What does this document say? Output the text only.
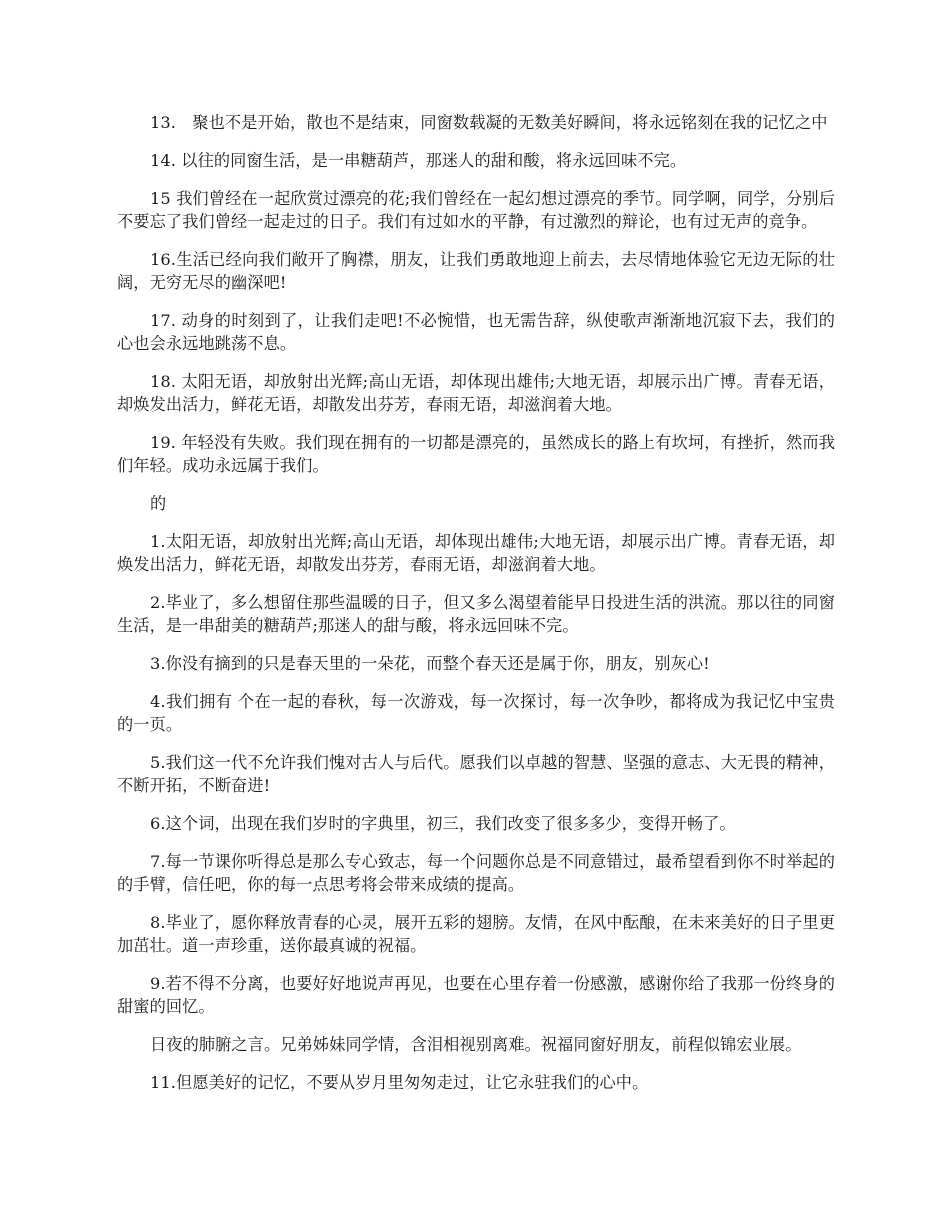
13.　聚也不是开始，散也不是结束，同窗数载凝的无数美好瞬间，将永远铭刻在我的记忆之中

14. 以往的同窗生活，是一串糖葫芦，那迷人的甜和酸，将永远回味不完。

15 我们曾经在一起欣赏过漂亮的花;我们曾经在一起幻想过漂亮的季节。同学啊，同学，分别后不要忘了我们曾经一起走过的日子。我们有过如水的平静，有过激烈的辩论，也有过无声的竞争。

16.生活已经向我们敞开了胸襟，朋友，让我们勇敢地迎上前去，去尽情地体验它无边无际的壮阔，无穷无尽的幽深吧!

17. 动身的时刻到了，让我们走吧!不必惋惜，也无需告辞，纵使歌声渐渐地沉寂下去，我们的心也会永远地跳荡不息。

18. 太阳无语，却放射出光辉;高山无语，却体现出雄伟;大地无语，却展示出广博。青春无语，却焕发出活力，鲜花无语，却散发出芬芳，春雨无语，却滋润着大地。

19. 年轻没有失败。我们现在拥有的一切都是漂亮的，虽然成长的路上有坎坷，有挫折，然而我们年轻。成功永远属于我们。

的

1.太阳无语，却放射出光辉;高山无语，却体现出雄伟;大地无语，却展示出广博。青春无语，却焕发出活力，鲜花无语，却散发出芬芳，春雨无语，却滋润着大地。

2.毕业了，多么想留住那些温暖的日子，但又多么渴望着能早日投进生活的洪流。那以往的同窗生活，是一串甜美的糖葫芦;那迷人的甜与酸，将永远回味不完。

3.你没有摘到的只是春天里的一朵花，而整个春天还是属于你，朋友，别灰心!

4.我们拥有 个在一起的春秋，每一次游戏，每一次探讨，每一次争吵，都将成为我记忆中宝贵的一页。

5.我们这一代不允许我们愧对古人与后代。愿我们以卓越的智慧、坚强的意志、大无畏的精神，不断开拓，不断奋进!

6.这个词，出现在我们岁时的字典里，初三，我们改变了很多多少，变得开畅了。

7.每一节课你听得总是那么专心致志，每一个问题你总是不同意错过，最希望看到你不时举起的的手臂，信任吧，你的每一点思考将会带来成绩的提高。

8.毕业了，愿你释放青春的心灵，展开五彩的翅膀。友情，在风中酝酿，在未来美好的日子里更加茁壮。道一声珍重，送你最真诚的祝福。

9.若不得不分离，也要好好地说声再见，也要在心里存着一份感激，感谢你给了我那一份终身的甜蜜的回忆。

日夜的肺腑之言。兄弟姊妹同学情，含泪相视别离难。祝福同窗好朋友，前程似锦宏业展。

11.但愿美好的记忆，不要从岁月里匆匆走过，让它永驻我们的心中。
